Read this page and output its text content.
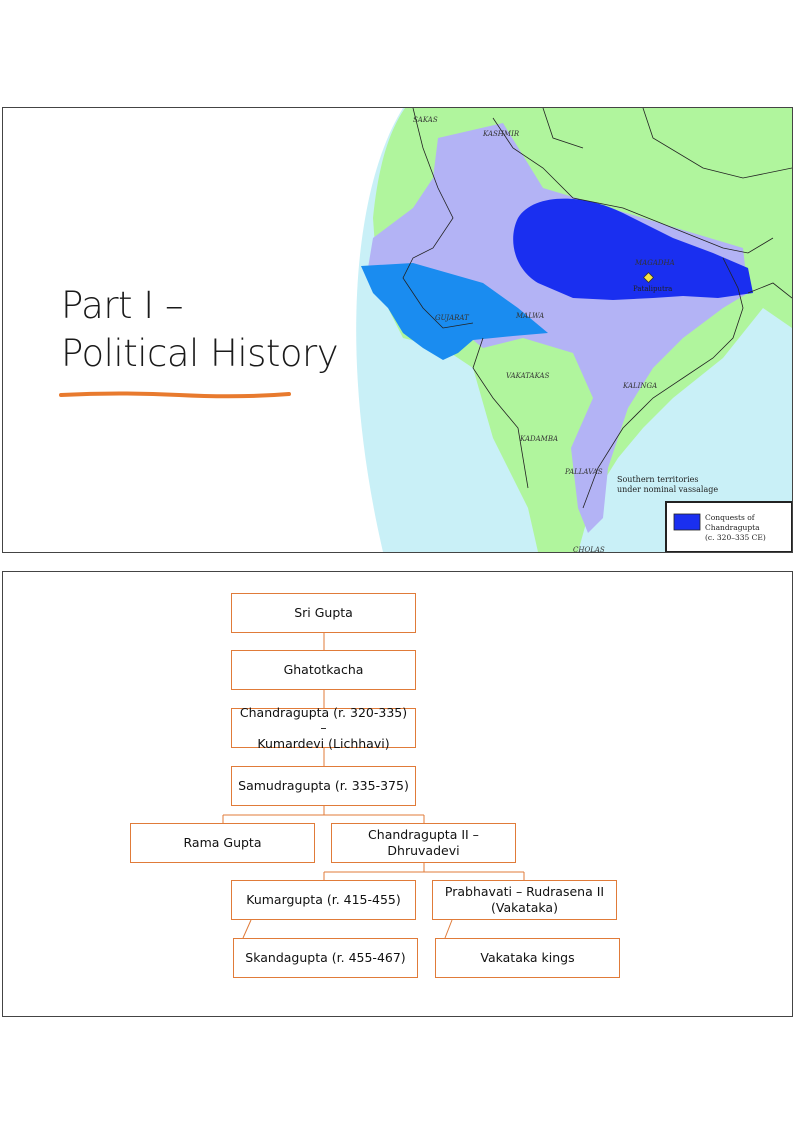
Part I –
Political History
SAKAS
KASHMIR
MAGADHA
Pataliputra
GUJARAT	MALWA
VAKATAKAS
KALINGA
KADAMBA
PALLAVAS
CHOLAS
Southern territories
under nominal vassalage
Conquests of
Chandragupta
(c. 320–335 CE)
Sri Gupta
Ghatotkacha
Chandragupta (r. 320-335) –
Kumardevi (Lichhavi)
Samudragupta (r. 335-375)
Rama Gupta
Chandragupta II – Dhruvadevi
Kumargupta (r. 415-455)
Prabhavati – Rudrasena II
(Vakataka)
Skandagupta (r. 455-467)	Vakataka kings
